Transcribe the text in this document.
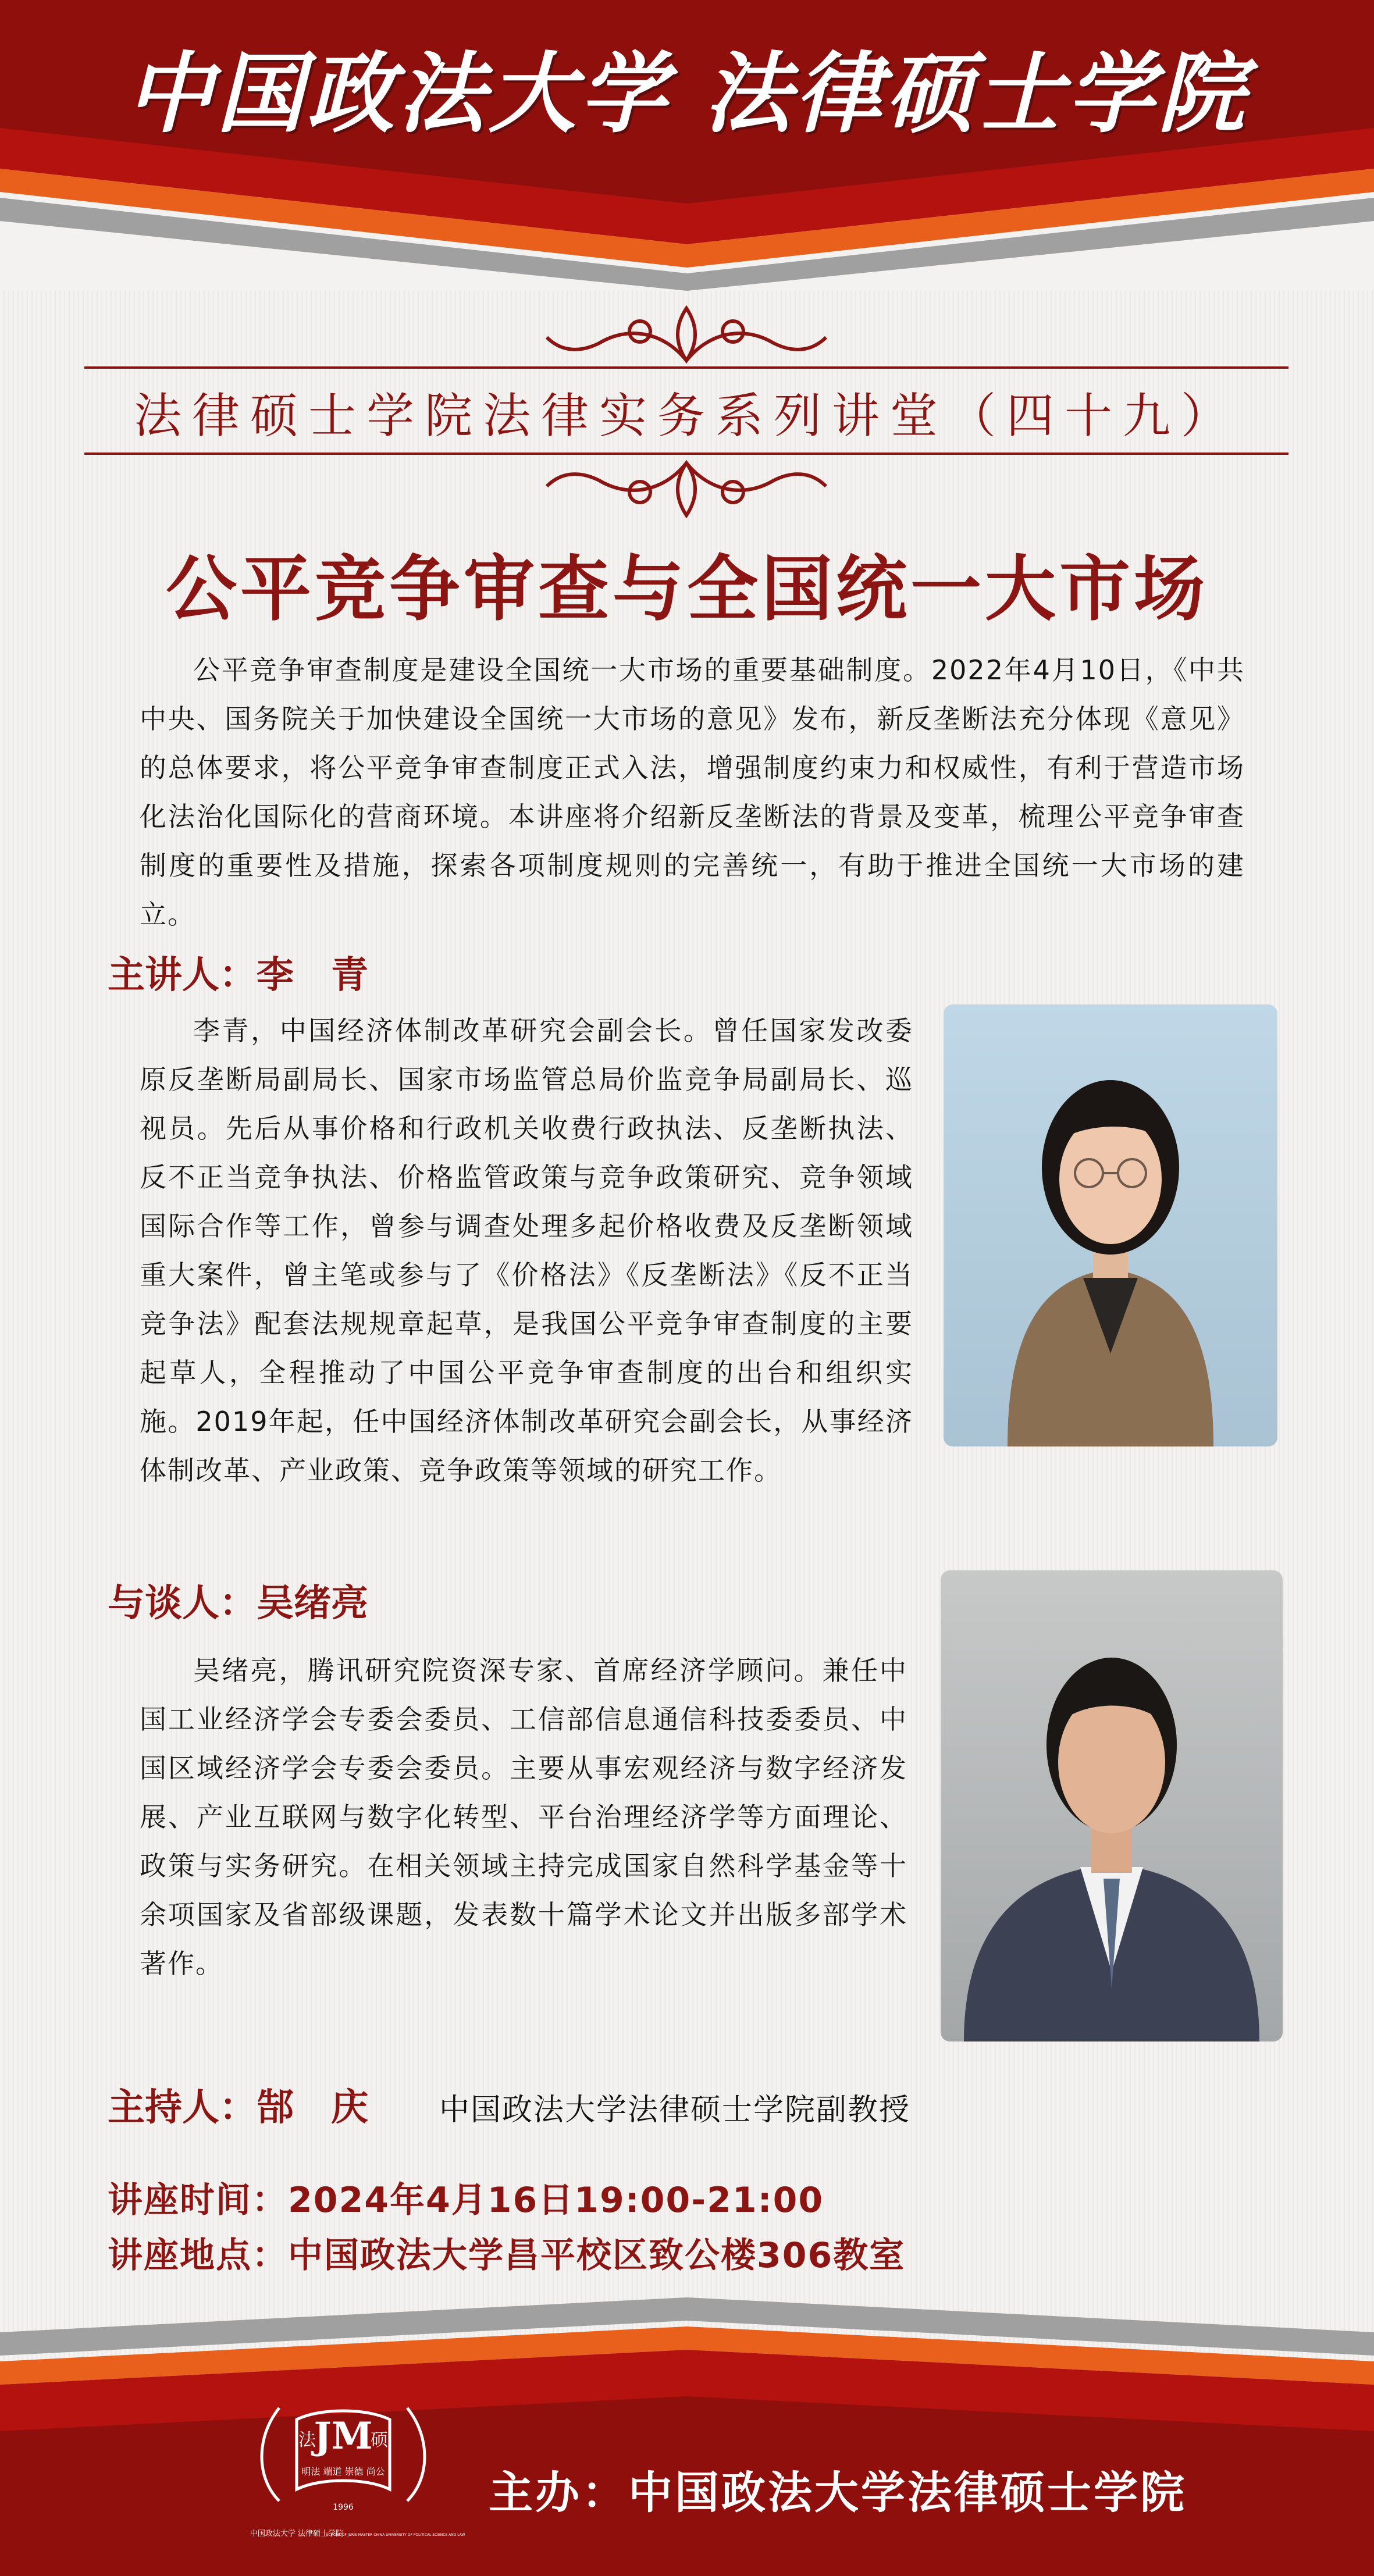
中国政法大学 法律硕士学院
法律硕士学院法律实务系列讲堂（四十九）
公平竞争审查与全国统一大市场
公平竞争审查制度是建设全国统一大市场的重要基础制度。2022年4月10日，《中共中央、国务院关于加快建设全国统一大市场的意见》发布，新反垄断法充分体现《意见》的总体要求，将公平竞争审查制度正式入法，增强制度约束力和权威性，有利于营造市场化法治化国际化的营商环境。本讲座将介绍新反垄断法的背景及变革，梳理公平竞争审查制度的重要性及措施，探索各项制度规则的完善统一，有助于推进全国统一大市场的建立。
主讲人：李　青
李青，中国经济体制改革研究会副会长。曾任国家发改委原反垄断局副局长、国家市场监管总局价监竞争局副局长、巡视员。先后从事价格和行政机关收费行政执法、反垄断执法、反不正当竞争执法、价格监管政策与竞争政策研究、竞争领域国际合作等工作，曾参与调查处理多起价格收费及反垄断领域重大案件，曾主笔或参与了《价格法》《反垄断法》《反不正当竞争法》配套法规规章起草，是我国公平竞争审查制度的主要起草人，全程推动了中国公平竞争审查制度的出台和组织实施。2019年起，任中国经济体制改革研究会副会长，从事经济体制改革、产业政策、竞争政策等领域的研究工作。
与谈人：吴绪亮
吴绪亮，腾讯研究院资深专家、首席经济学顾问。兼任中国工业经济学会专委会委员、工信部信息通信科技委委员、中国区域经济学会专委会委员。主要从事宏观经济与数字经济发展、产业互联网与数字化转型、平台治理经济学等方面理论、政策与实务研究。在相关领域主持完成国家自然科学基金等十余项国家及省部级课题，发表数十篇学术论文并出版多部学术著作。
主持人：郜　庆 中国政法大学法律硕士学院副教授
讲座时间：2024年4月16日19:00-21:00
讲座地点：中国政法大学昌平校区致公楼306教室
JM
法	硕
明法 端道 崇德 尚公
1996
中国政法大学 法律硕士学院
SCHOOL OF JURIS MASTER CHINA UNIVERSITY OF POLITICAL SCIENCE AND LAW
主办：中国政法大学法律硕士学院
